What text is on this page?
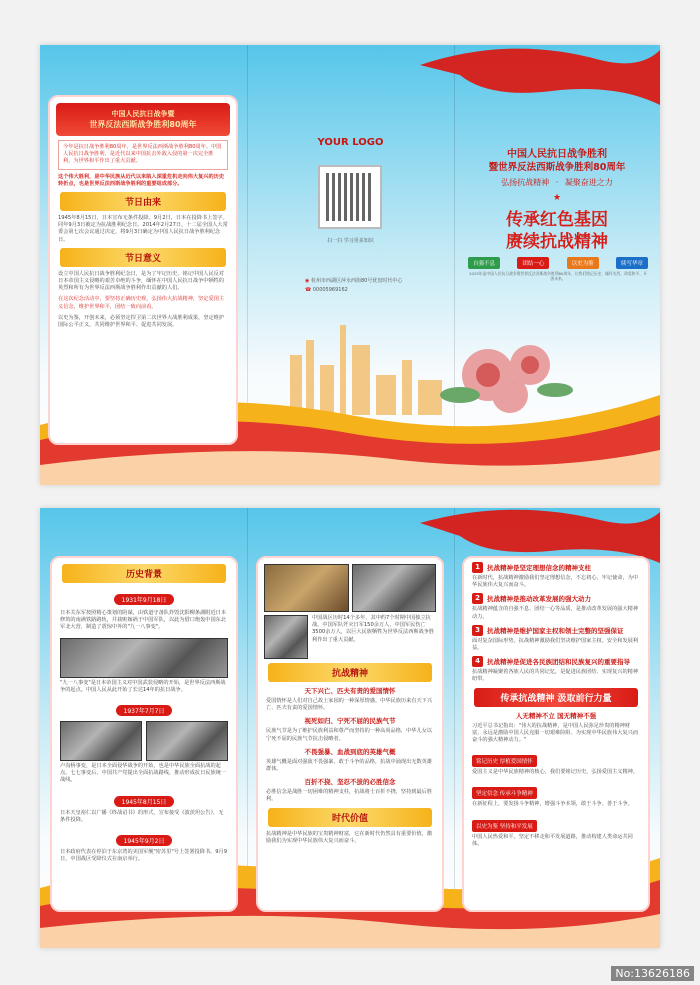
中国人民抗日战争暨
世界反法西斯战争胜利80周年
今年是抗日战争胜利80周年，是世界反法西斯战争胜利80周年。中国人民抗日战争胜利，是近代以来中国抗击外敌入侵的第一次完全胜利，为世界和平作出了重大贡献。
这个伟大胜利，是中华民族从近代以来陷入深重危机走向伟大复兴的历史转折点，也是世界反法西斯战争胜利的重要组成部分。
节日由来
1945年8月15日，日本宣布无条件投降。9月2日，日本在投降书上签字。同年9月3日被定为抗战胜利纪念日。2014年2月27日，十二届全国人大常委会第七次会议通过决定，将9月3日确定为中国人民抗日战争胜利纪念日。
节日意义
设立中国人民抗日战争胜利纪念日，是为了牢记历史、铭记中国人民反对日本帝国主义侵略的艰苦卓绝的斗争，缅怀在中国人民抗日战争中牺牲的英烈和所有为世界反法西斯战争胜利作出贡献的人们。
在这次纪念活动中，要坚持正确历史观，弘扬伟大抗战精神，坚定爱国主义信念，维护世界和平，团结一致向前看。
以史为鉴，开创未来，必须坚定捍卫第二次世界大战胜利成果，坚定维护国际公平正义，共同维护世界和平、促进共同发展。
YOUR LOGO
扫一扫 学习更多知识
◉ 杭州市西湖区萍水西街80号优盘时代中心
☎ 00005969162
中国人民抗日战争胜利
暨世界反法西斯战争胜利80周年
弘扬抗战精神 · 凝聚奋进之力
★
传承红色基因
赓续抗战精神
自强不息	团结一心	以史为鉴	续写华章
2025年是中国人民抗日战争暨世界反法西斯战争胜利80周年，让我们铭记历史、缅怀先烈、珍爱和平、开创未来。
历史背景
1931年9月18日
日本关东军按照精心策划的阴谋，由铁道守备队炸毁沈阳柳条湖附近日本修筑的南满铁路路轨，并栽赃嫁祸于中国军队，以此为借口炮轰中国东北军北大营，制造了震惊中外的"九一八事变"。
"九一八事变"是日本帝国主义对中国武装侵略的开始，是世界反法西斯战争的起点。中国人民从此开始了长达14年的抗日战争。
1937年7月7日
卢沟桥事变，是日本全面侵华战争的开始，也是中华民族全面抗战的起点。七七事变后，中国共产党提出全面抗战路线，推动形成抗日民族统一战线。
1945年8月15日
日本天皇裕仁以广播《终战诏书》的形式，宣布接受《波茨坦公告》，无条件投降。
1945年9月2日
日本政府代表在停泊于东京湾的美国军舰"密苏里"号上签署投降书。9月9日，中国战区受降仪式在南京举行。
中国战区历时14个多年，其中约7个时期中国独立抗战。中国军队歼灭日军150余万人，中国军民伤亡3500余万人，以巨大民族牺牲为世界反法西斯战争胜利作出了重大贡献。
抗战精神
天下兴亡、匹夫有责的爱国情怀
爱国情怀是人们对自己故土家园的一种深厚情感。中华民族历来有天下兴亡、匹夫有责的爱国情怀。
视死如归、宁死不屈的民族气节
民族气节是为了维护民族利益和尊严而坚持的一种高尚品格，中华儿女以宁死不屈的民族气节抗击侵略者。
不畏强暴、血战到底的英雄气概
英雄气概是面对强敌不畏强暴，敢于斗争的品格，抗战中涌现出无数英雄群体。
百折不挠、坚忍不拔的必胜信念
必胜信念是战胜一切困难的精神支柱，抗战将士百折不挠，坚持到最后胜利。
时代价值
抗战精神是中华民族的宝贵精神财富，它在新时代仍然具有重要价值，激励我们为实现中华民族伟大复兴而奋斗。
1	抗战精神是坚定理想信念的精神支柱
在新时代，抗战精神激励我们坚定理想信念，不忘初心、牢记使命，为中华民族伟大复兴而奋斗。
2	抗战精神是推动改革发展的强大动力
抗战精神蕴含的自强不息、团结一心等品质，是推动改革发展的强大精神动力。
3	抗战精神是维护国家主权和领土完整的坚强保证
面对复杂国际形势，抗战精神激励我们坚决维护国家主权、安全和发展利益。
4	抗战精神是促进各民族团结和民族复兴的重要指导
抗战精神凝聚着各族人民的共同记忆，是促进民族团结、实现复兴的精神纽带。
传承抗战精神 汲取前行力量
人无精神不立 国无精神不强
习近平总书记指出："伟大的抗战精神，是中国人民弥足珍贵的精神财富，永远是激励中国人民克服一切艰难险阻、为实现中华民族伟大复兴而奋斗的强大精神动力。"
铭记历史 厚植爱国情怀
爱国主义是中华民族精神的核心，我们要铭记历史，弘扬爱国主义精神。
坚定信念 传承斗争精神
在新征程上，要发扬斗争精神，增强斗争本领，敢于斗争、善于斗争。
以史为鉴 坚持和平发展
中国人民热爱和平，坚定不移走和平发展道路，推动构建人类命运共同体。
No:13626186
